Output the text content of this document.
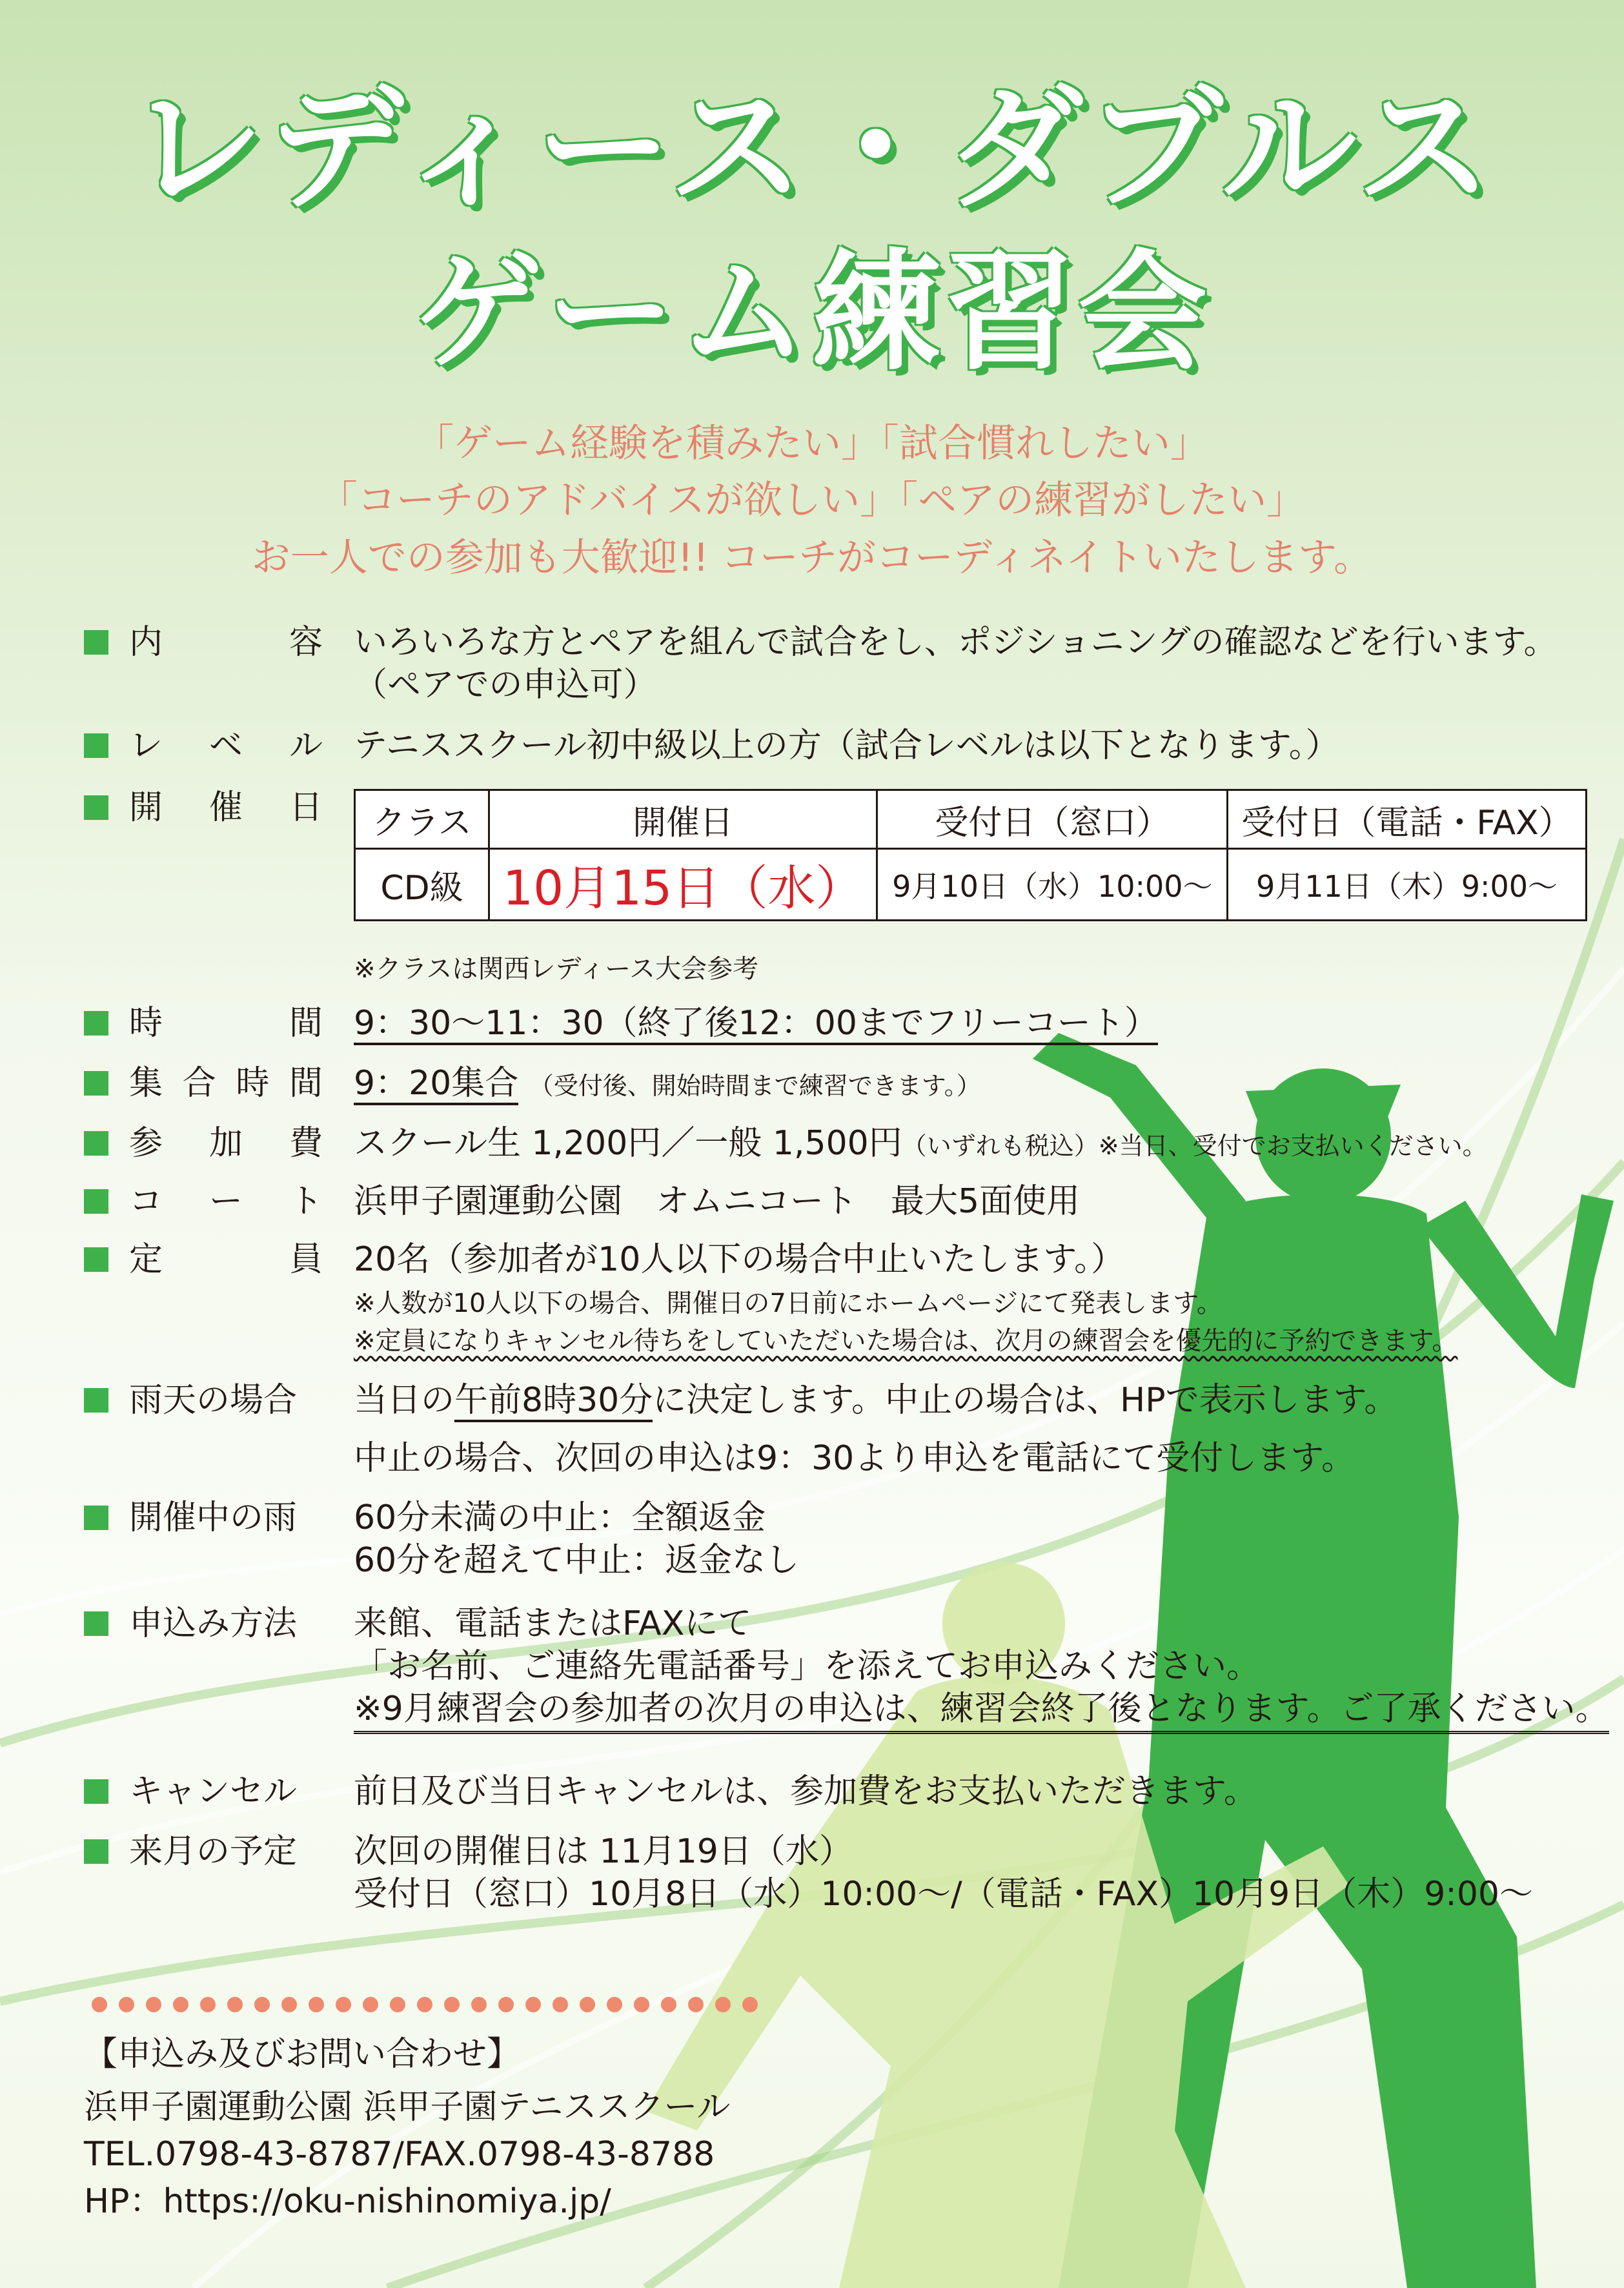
レディース・ダブルス
ゲーム練習会
「ゲーム経験を積みたい」「試合慣れしたい」
「コーチのアドバイスが欲しい」「ペアの練習がしたい」
お一人での参加も大歓迎!! コーチがコーディネイトいたします。
内	容 いろいろな方とペアを組んで試合をし、ポジショニングの確認などを行います。
（ペアでの申込可）
レ ベ ル テニススクール初中級以上の方（試合レベルは以下となります。）
開 催 日 クラス	開催日	受付日（窓口）	受付日（電話・FAX）
CD級	10月15日（水）	9月10日（水）10:00～	9月11日（木）9:00～
※クラスは関西レディース大会参考
時	間 9：30～11：30（終了後12：00までフリーコート）
集 合 時 間 9：20集合 （受付後、開始時間まで練習できます。）
参 加 費 スクール生 1,200円／一般 1,500円（いずれも税込）※当日、受付でお支払いください。
コ ー ト 浜甲子園運動公園　オムニコート　最大5面使用
定	員 20名（参加者が10人以下の場合中止いたします。）
※人数が10人以下の場合、開催日の7日前にホームページにて発表します。
※定員になりキャンセル待ちをしていただいた場合は、次月の練習会を優先的に予約できます。
雨天の場合	当日の午前8時30分に決定します。中止の場合は、HPで表示します。
中止の場合、次回の申込は9：30より申込を電話にて受付します。
開催中の雨	60分未満の中止：全額返金
60分を超えて中止：返金なし
申込み方法	来館、電話またはFAXにて
「お名前、ご連絡先電話番号」を添えてお申込みください。
※9月練習会の参加者の次月の申込は、練習会終了後となります。ご了承ください。
キャンセル	前日及び当日キャンセルは、参加費をお支払いただきます。
来月の予定	次回の開催日は 11月19日（水）
受付日（窓口）10月8日（水）10:00～/（電話・FAX）10月9日（木）9:00～
【申込み及びお問い合わせ】
浜甲子園運動公園 浜甲子園テニススクール
TEL.0798-43-8787/FAX.0798-43-8788
HP：https://oku-nishinomiya.jp/
